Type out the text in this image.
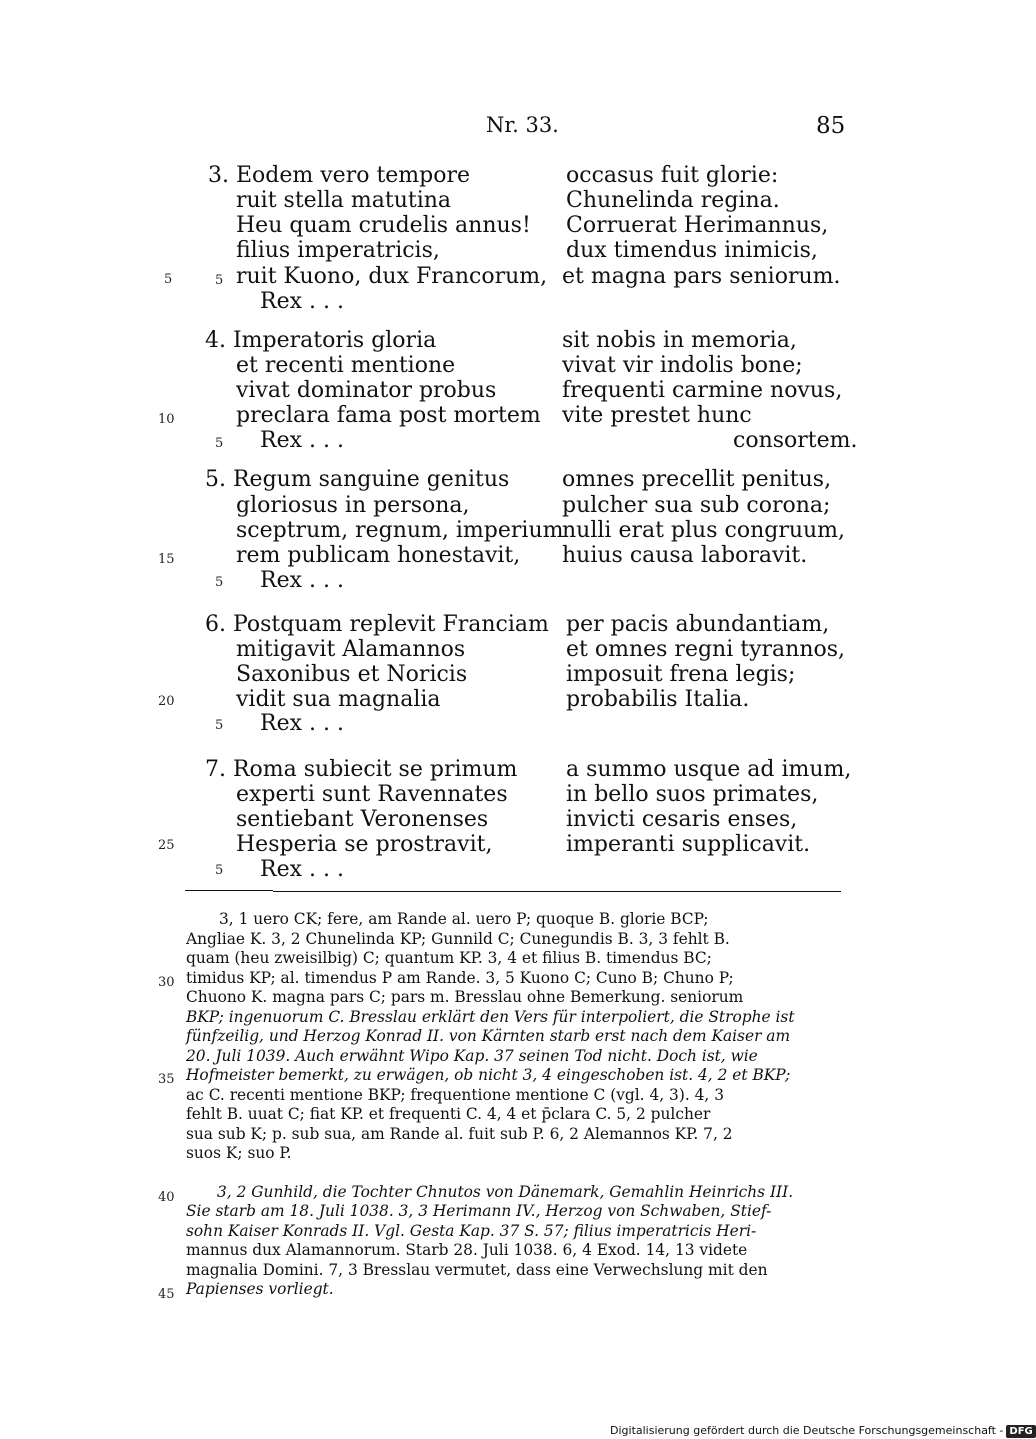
Nr. 33.	85
3. Eodem vero tempore
ruit stella matutina
Heu quam crudelis annus!
filius imperatricis,
ruit Kuono, dux Francorum,
occasus fuit glorie:
Chunelinda regina.
Corruerat Herimannus,
dux timendus inimicis,
et magna pars seniorum.
5
Rex . . .
4. Imperatoris gloria
et recenti mentione
vivat dominator probus
preclara fama post mortem
sit nobis in memoria,
vivat vir indolis bone;
frequenti carmine novus,
vite prestet hunc
consortem.
5 Rex . . .
5. Regum sanguine genitus
gloriosus in persona,
sceptrum, regnum, imperium
rem publicam honestavit,
omnes precellit penitus,
pulcher sua sub corona;
nulli erat plus congruum,
huius causa laboravit.
5 Rex . . .
6. Postquam replevit Franciam
mitigavit Alamannos
Saxonibus et Noricis
vidit sua magnalia
per pacis abundantiam,
et omnes regni tyrannos,
imposuit frena legis;
probabilis Italia.
5 Rex . . .
7. Roma subiecit se primum
experti sunt Ravennates
sentiebant Veronenses
Hesperia se prostravit,
a summo usque ad imum,
in bello suos primates,
invicti cesaris enses,
imperanti supplicavit.
5 Rex . . .
5
10
15
20
25
30
35
40
45
3, 1 uero CK; fere, am Rande al. uero P; quoque B. glorie BCP;
Angliae K. 3, 2 Chunelinda KP; Gunnild C; Cunegundis B. 3, 3 fehlt B.
quam (heu zweisilbig) C; quantum KP. 3, 4 et filius B. timendus BC;
timidus KP; al. timendus P am Rande. 3, 5 Kuono C; Cuno B; Chuno P;
Chuono K. magna pars C; pars m. Bresslau ohne Bemerkung. seniorum
BKP; ingenuorum C. Bresslau erklärt den Vers für interpoliert, die Strophe ist
fünfzeilig, und Herzog Konrad II. von Kärnten starb erst nach dem Kaiser am
20. Juli 1039. Auch erwähnt Wipo Kap. 37 seinen Tod nicht. Doch ist, wie
Hofmeister bemerkt, zu erwägen, ob nicht 3, 4 eingeschoben ist. 4, 2 et BKP;
ac C. recenti mentione BKP; frequentione mentione C (vgl. 4, 3). 4, 3
fehlt B. uuat C; fiat KP. et frequenti C. 4, 4 et p̄clara C. 5, 2 pulcher
sua sub K; p. sub sua, am Rande al. fuit sub P. 6, 2 Alemannos KP. 7, 2
suos K; suo P.
3, 2 Gunhild, die Tochter Chnutos von Dänemark, Gemahlin Heinrichs III.
Sie starb am 18. Juli 1038. 3, 3 Herimann IV., Herzog von Schwaben, Stief-
sohn Kaiser Konrads II. Vgl. Gesta Kap. 37 S. 57; filius imperatricis Heri-
mannus dux Alamannorum. Starb 28. Juli 1038. 6, 4 Exod. 14, 13 videte
magnalia Domini. 7, 3 Bresslau vermutet, dass eine Verwechslung mit den
Papienses vorliegt.
Digitalisierung gefördert durch die Deutsche Forschungsgemeinschaft - DFG
